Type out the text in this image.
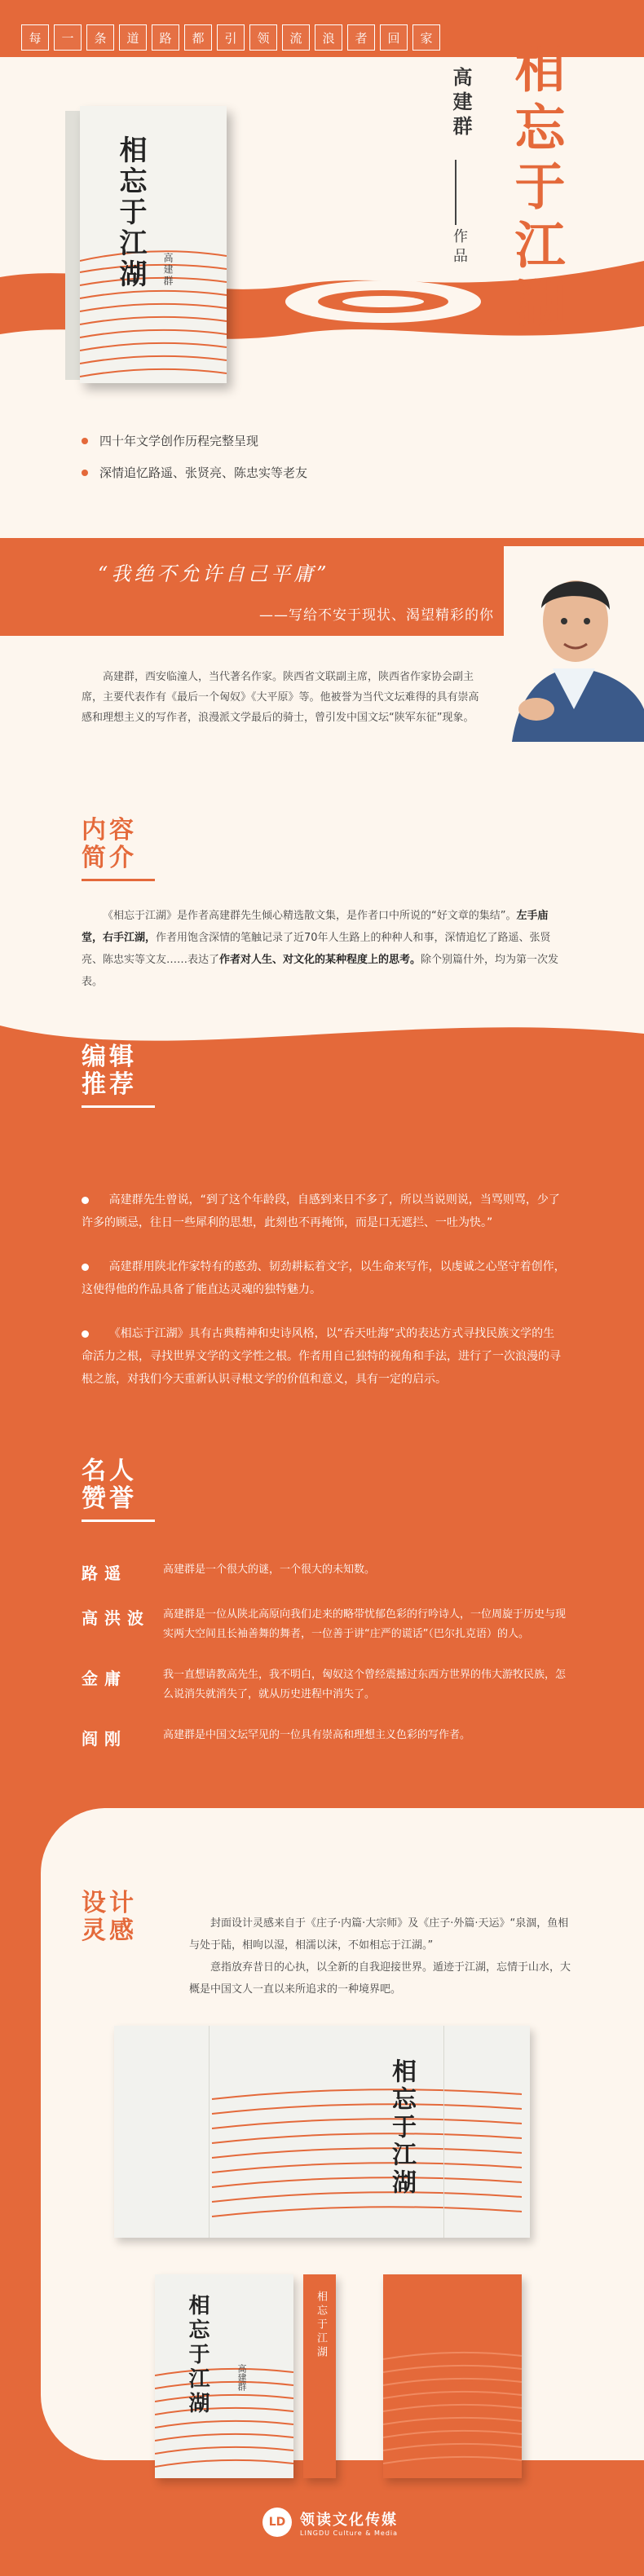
每	一	条	道	路	都	引	领	流	浪	者	回	家
相忘于江湖	高建群
高建群
作品 相忘于江湖
四十年文学创作历程完整呈现
深情追忆路遥、张贤亮、陈忠实等老友
“我绝不允许自己平庸”
——写给不安于现状、渴望精彩的你
高建群，西安临潼人，当代著名作家。陕西省文联副主席，陕西省作家协会副主席，主要代表作有《最后一个匈奴》《大平原》等。他被誉为当代文坛难得的具有崇高感和理想主义的写作者，浪漫派文学最后的骑士，曾引发中国文坛“陕军东征”现象。
内容
简介
《相忘于江湖》是作者高建群先生倾心精选散文集，是作者口中所说的“好文章的集结”。左手庙堂，右手江湖，作者用饱含深情的笔触记录了近70年人生路上的种种人和事，深情追忆了路遥、张贤亮、陈忠实等文友……表达了作者对人生、对文化的某种程度上的思考。除个别篇什外，均为第一次发表。
编辑
推荐
高建群先生曾说，“到了这个年龄段，自感到来日不多了，所以当说则说，当骂则骂，少了许多的顾忌，往日一些犀利的思想，此刻也不再掩饰，而是口无遮拦、一吐为快。”
高建群用陕北作家特有的憨劲、韧劲耕耘着文字，以生命来写作，以虔诚之心坚守着创作，这使得他的作品具备了能直达灵魂的独特魅力。
《相忘于江湖》具有古典精神和史诗风格，以“吞天吐海”式的表达方式寻找民族文学的生命活力之根，寻找世界文学的文学性之根。作者用自己独特的视角和手法，进行了一次浪漫的寻根之旅，对我们今天重新认识寻根文学的价值和意义，具有一定的启示。
名人
赞誉
路遥	高建群是一个很大的谜，一个很大的未知数。
高洪波	高建群是一位从陕北高原向我们走来的略带忧郁色彩的行吟诗人，一位周旋于历史与现实两大空间且长袖善舞的舞者，一位善于讲“庄严的谎话”（巴尔扎克语）的人。
金庸	我一直想请教高先生，我不明白，匈奴这个曾经震撼过东西方世界的伟大游牧民族，怎么说消失就消失了，就从历史进程中消失了。
阎刚	高建群是中国文坛罕见的一位具有崇高和理想主义色彩的写作者。
设计
灵感	封面设计灵感来自于《庄子·内篇·大宗师》及《庄子·外篇·天运》“泉涸，鱼相与处于陆，相呴以湿，相濡以沫，不如相忘于江湖。”

意指放弃昔日的心执，以全新的自我迎接世界。遁迹于江湖，忘情于山水，大概是中国文人一直以来所追求的一种境界吧。

相忘于江湖
相忘于江湖	高建群
相忘于江湖
LD 领读文化传媒
LINGDU Culture & Media
